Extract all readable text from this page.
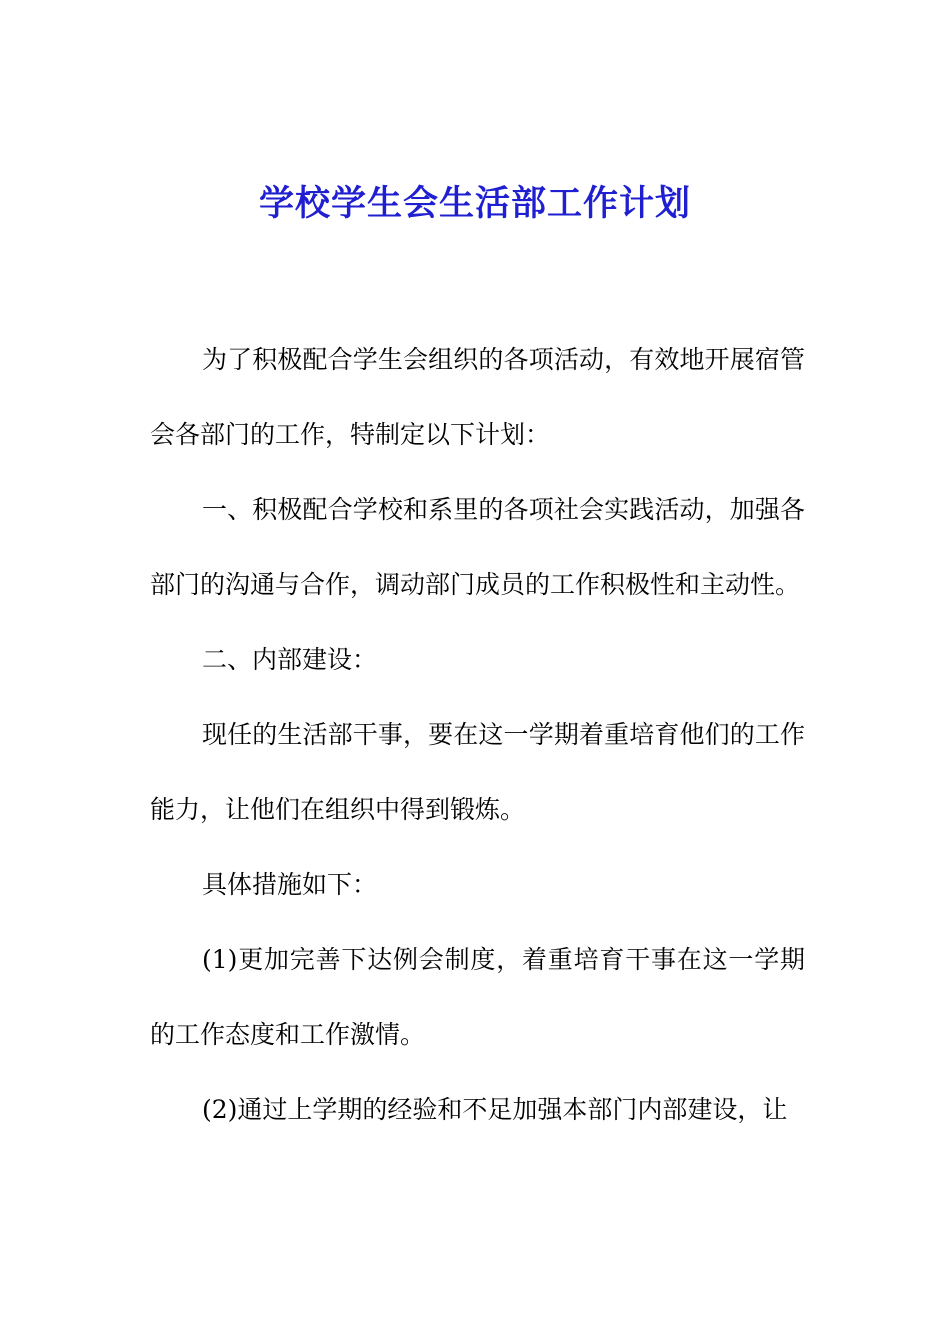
学校学生会生活部工作计划

为了积极配合学生会组织的各项活动，有效地开展宿管会各部门的工作，特制定以下计划：

一、积极配合学校和系里的各项社会实践活动，加强各部门的沟通与合作，调动部门成员的工作积极性和主动性。

二、内部建设：

现任的生活部干事，要在这一学期着重培育他们的工作能力，让他们在组织中得到锻炼。

具体措施如下：

(1)更加完善下达例会制度，着重培育干事在这一学期的工作态度和工作激情。

(2)通过上学期的经验和不足加强本部门内部建设，让
